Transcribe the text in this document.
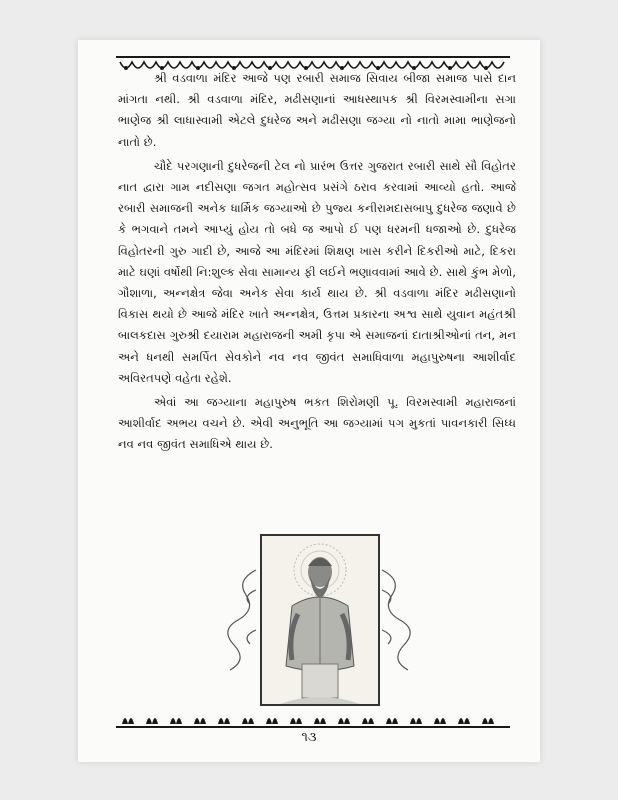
શ્રી વડવાળા મંદિર આજે પણ રબારી સમાજ સિવાય બીજા સમાજ પાસે દાન માંગતા નથી. શ્રી વડવાળા મંદિર, મઢીસણાનાં આધસ્થાપક શ્રી વિરમસ્વામીના સગા ભાણેજ શ્રી લાધાસ્વામી એટલે દુધરેજ અને મઢીસણા જગ્યા નો નાતો મામા ભાણેજનો નાતો છે.

ચૌદે પરગણાની દુધરેજની ટેલ નો પ્રારંભ ઉત્તર ગુજરાત રબારી સાથે સૌ વિહોતર નાત દ્વારા ગામ નદીસણા જગત મહોત્સવ પ્રસંગે ઠરાવ કરવામાં આવ્યો હતો. આજે રબારી સમાજની અનેક ધાર્મિક જગ્યાઓ છે પુજ્ય કનીરામદાસબાપુ દુધરેજ જણાવે છે કે ભગવાને તમને આપ્યું હોય તો બધે જ આપો ઈ પણ ધરમની ધજાઓ છે. દુધરેજ વિહોતરની ગુરુ ગાદી છે, આજે આ મંદિરમાં શિક્ષણ ખાસ કરીને દિકરીઓ માટે, દિકરા માટે ઘણાં વર્ષોથી નિ:શુલ્ક સેવા સામાન્ય ફી લઈને ભણાવવામાં આવે છે. સાથે કુંભ મેળો, ગૌશાળા, અન્નક્ષેત્ર જેવા અનેક સેવા કાર્ય થાય છે. શ્રી વડવાળા મંદિર મઢીસણાનો વિકાસ થયો છે આજે મંદિર ખાતે અન્નક્ષેત્ર, ઉત્તમ પ્રકારના અશ્વ સાથે યુવાન મહંતશ્રી બાલકદાસ ગુરુશ્રી દયારામ મહારાજની અમી કૃપા એ સમાજનાં દાતાશ્રીઓનાં તન, મન અને ધનથી સમર્પિત સેવકોને નવ નવ જીવંત સમાધિવાળા મહાપુરુષના આશીર્વાદ અવિરતપણે વહેતા રહેશે.

એવાં આ જગ્યાના મહાપુરુષ ભકત શિરોમણી પૂ. વિરમસ્વામી મહારાજનાં આશીર્વાદ અભય વચને છે. એવી અનુભૂતિ આ જગ્યામાં પગ મુકતાં પાવનકારી સિધ્ધ નવ નવ જીવંત સમાધિએ થાય છે.

૧૩
